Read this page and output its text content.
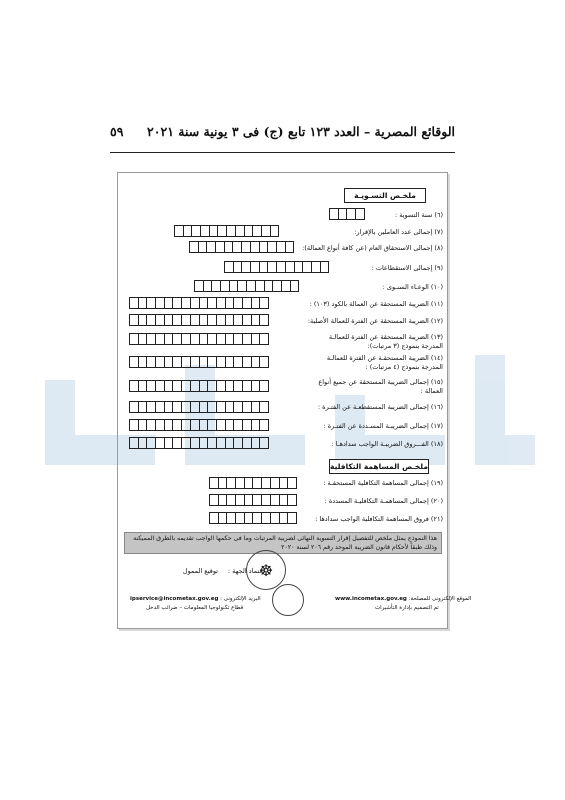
الوقائع المصرية – العدد ١٢٣ تابع (ج) فى ٣ يونية سنة ٢٠٢١
٥٩
ملخـص التسـويـة
(٦) سنة التسوية :
(٧) إجمالى عدد العاملين بالإقرار:
(٨) إجمالى الاستحقاق العام (عن كافة أنواع العمالة):
(٩) إجمالى الاستقطاعات :
(١٠) الوعـاء السنـوى :
(١١) الضريبة المستحقة عن العمالة بالكود (١٠٣) :
(١٢) الضريبة المستحقة عن الفترة للعمالة الأصلية:
(١٣) الضريبة المستحقة عن الفترة للعمالـة المدرجة بنموذج (٣ مرتبات):
(١٤) الضريبة المستحقـة عن الفترة للعمالـة المدرجة بنموذج (٤ مرتبات) :
(١٥) إجمالى الضريبة المستحقة عن جميع أنواع العمالة :
(١٦) إجمالى الضريبة المستقطعـة عن الفتـرة :
(١٧) إجمالى الضريبـة المسـددة عن الفتـرة :
(١٨) الفـــروق الضريبـة الواجب سدادهـا :
ملخـص المساهمة التكافلية
(١٩) إجمالى المساهمة التكافلية المستحقـة :
(٢٠) إجمالى المساهمـة التكافليـة المسددة :
(٢١) فروق المساهمة التكافلية الواجب سدادها :
هذا النموذج يمثل ملخص للتفصيل إقرار التسوية النهائى لضريبة المرتبات وما فى حكمها الواجب تقديمه بالطرق المميكنة وذلك طبقاً لأحكام قانون الضريبة الموحد رقم ٢٠٦ لسنة ٢٠٢٠
☸
توقيع الممول اعتماد الجهة :
الموقع الإلكترونى للمصلحة: www.incometax.gov.eg
تم التصميم بإدارة التأشيرات
البريد الإلكترونى : ipservice@incometax.gov.eg
قطاع تكنولوجيا المعلومات – ضرائب الدخل
